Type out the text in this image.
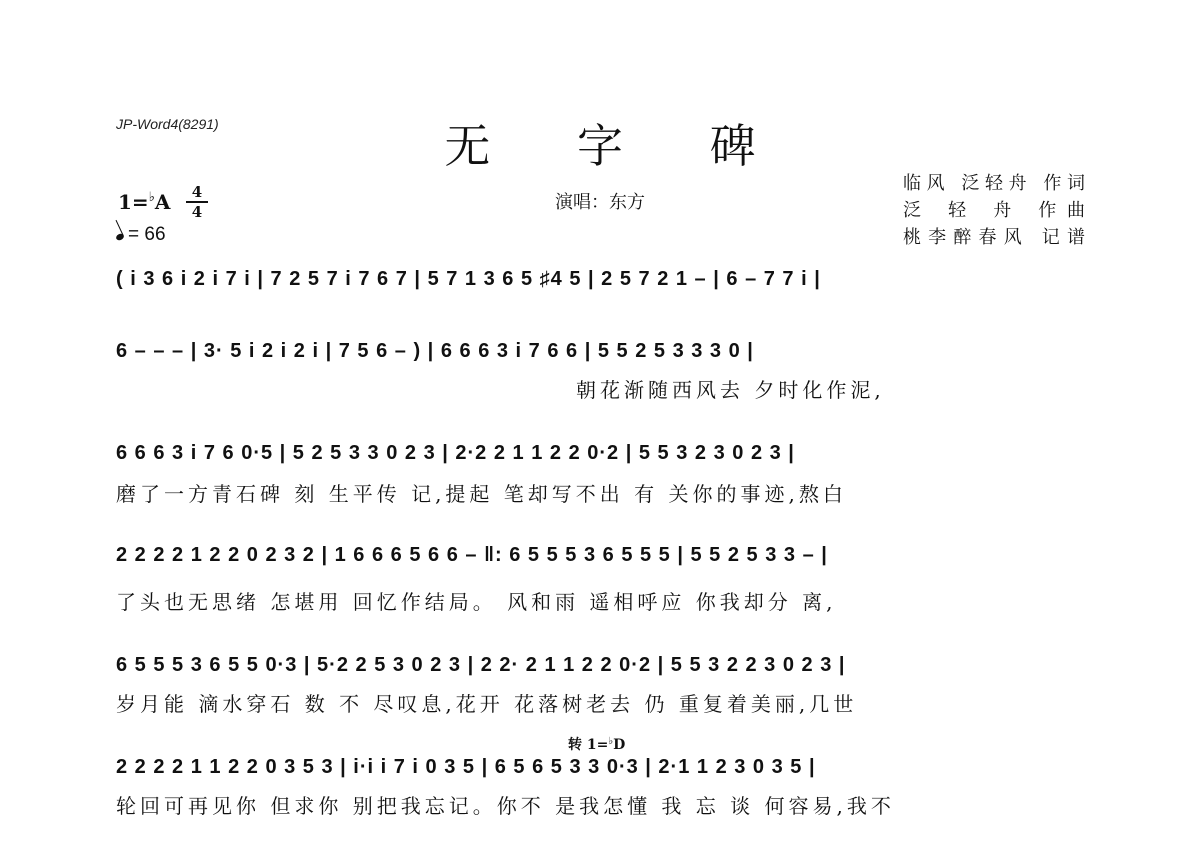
JP-Word4(8291)	无 字 碑
演唱：东方
临风 泛轻舟 作词
泛 轻 舟 作曲
桃李醉春风 记谱
1=♭A	4
4
= 66
( i 3 6 i 2 i 7 i | 7 2 5 7 i 7 6 7 | 5 7 1 3 6 5 ♯4 5 | 2 5 7 2 1 – | 6 – 7 7 i |
6 – – – | 3· 5 i 2 i 2 i | 7 5 6 – ) | 6 6 6 3 i 7 6 6 | 5 5 2 5 3 3 3 0 |
朝花渐随西风去 夕时化作泥,
6 6 6 3 i 7 6 0·5 | 5 2 5 3 3 0 2 3 | 2·2 2 1 1 2 2 0·2 | 5 5 3 2 3 0 2 3 |
磨了一方青石碑 刻 生平传 记,提起 笔却写不出 有 关你的事迹,熬白
2 2 2 2 1 2 2 0 2 3 2 | 1 6 6 6 5 6 6 – ‖: 6 5 5 5 3 6 5 5 5 | 5 5 2 5 3 3 – |
了头也无思绪 怎堪用 回忆作结局。 风和雨 遥相呼应 你我却分 离,
6 5 5 5 3 6 5 5 0·3 | 5·2 2 5 3 0 2 3 | 2 2· 2 1 1 2 2 0·2 | 5 5 3 2 2 3 0 2 3 |
岁月能 滴水穿石 数 不 尽叹息,花开 花落树老去 仍 重复着美丽,几世
转 1=♭D
2 2 2 2 1 1 2 2 0 3 5 3 | i·i i 7 i 0 3 5 | 6 5 6 5 3 3 0·3 | 2·1 1 2 3 0 3 5 |
轮回可再见你 但求你 别把我忘记。你不 是我怎懂 我 忘 谈 何容易,我不
